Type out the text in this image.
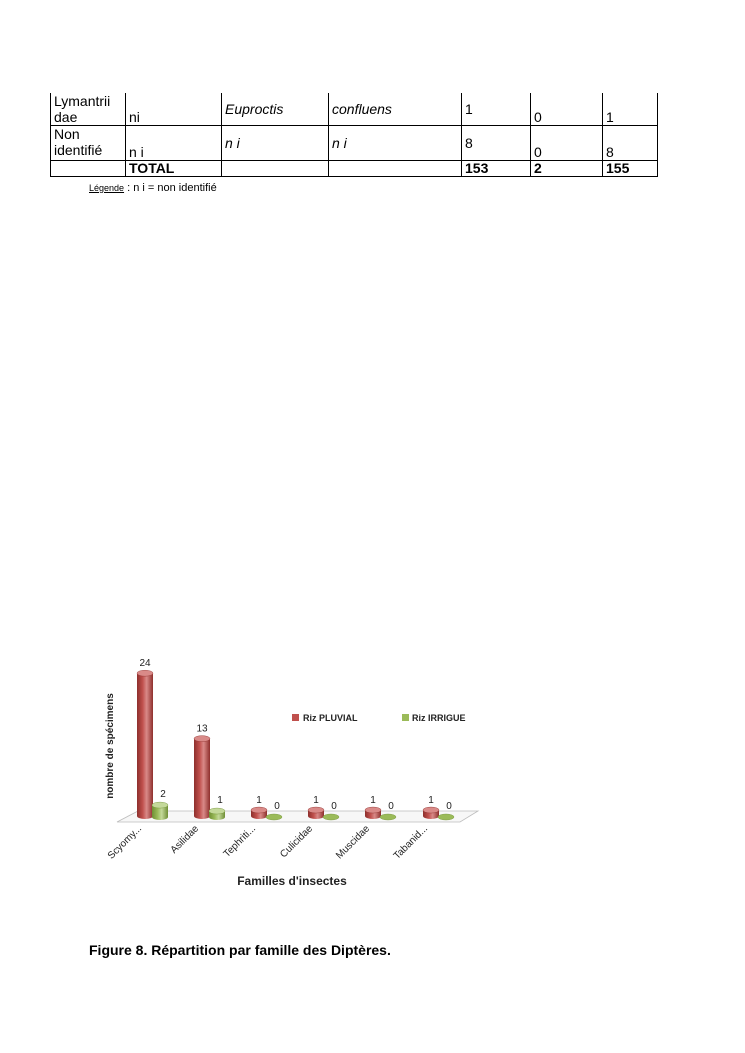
Lymantrii
dae	ni	Euproctis	confluens	1	0	1
Non
identifié	n i	n i	n i	8	0	8
	TOTAL			153	2	155
Légende : n i = non identifié
24
2
Scyomy...
13
1
Asilidae
1
0
Tephriti...
1
0
Culicidae
1
0
Muscidae
1
0
Tabanid...
nombre de spécimens
Familles d'insectes
Riz PLUVIAL	Riz IRRIGUE
Figure 8. Répartition par famille des Diptères.
